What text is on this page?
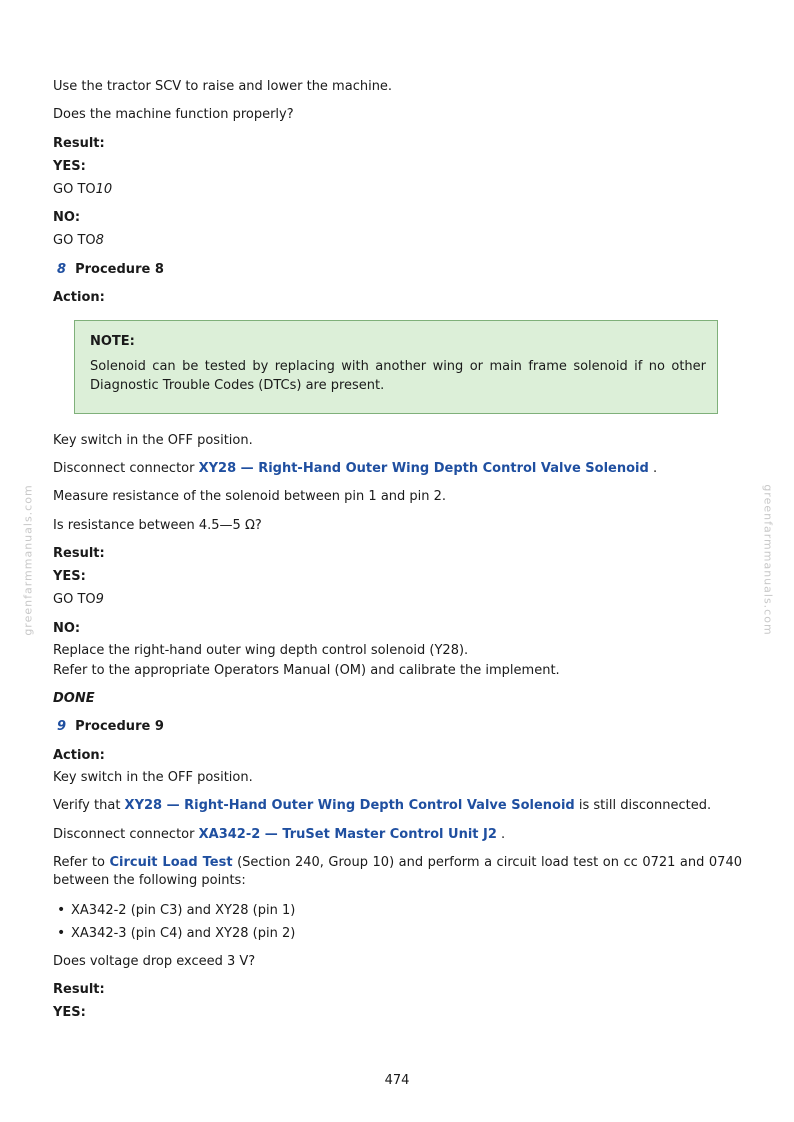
greenfarmmanuals.com	greenfarmmanuals.com

Use the tractor SCV to raise and lower the machine.

Does the machine function properly?

Result:

YES:

GO TO10

NO:

GO TO8

8 Procedure 8

Action:

NOTE:
Solenoid can be tested by replacing with another wing or main frame solenoid if no other Diagnostic Trouble Codes (DTCs) are present.

Key switch in the OFF position.

Disconnect connector XY28 — Right-Hand Outer Wing Depth Control Valve Solenoid .

Measure resistance of the solenoid between pin 1 and pin 2.

Is resistance between 4.5—5 Ω?

Result:

YES:

GO TO9

NO:

Replace the right-hand outer wing depth control solenoid (Y28).

Refer to the appropriate Operators Manual (OM) and calibrate the implement.

DONE

9 Procedure 9

Action:

Key switch in the OFF position.

Verify that XY28 — Right-Hand Outer Wing Depth Control Valve Solenoid is still disconnected.

Disconnect connector XA342-2 — TruSet Master Control Unit J2 .

Refer to Circuit Load Test (Section 240, Group 10) and perform a circuit load test on cc 0721 and 0740 between the following points:

• XA342-2 (pin C3) and XY28 (pin 1)

• XA342-3 (pin C4) and XY28 (pin 2)

Does voltage drop exceed 3 V?

Result:

YES:

474
